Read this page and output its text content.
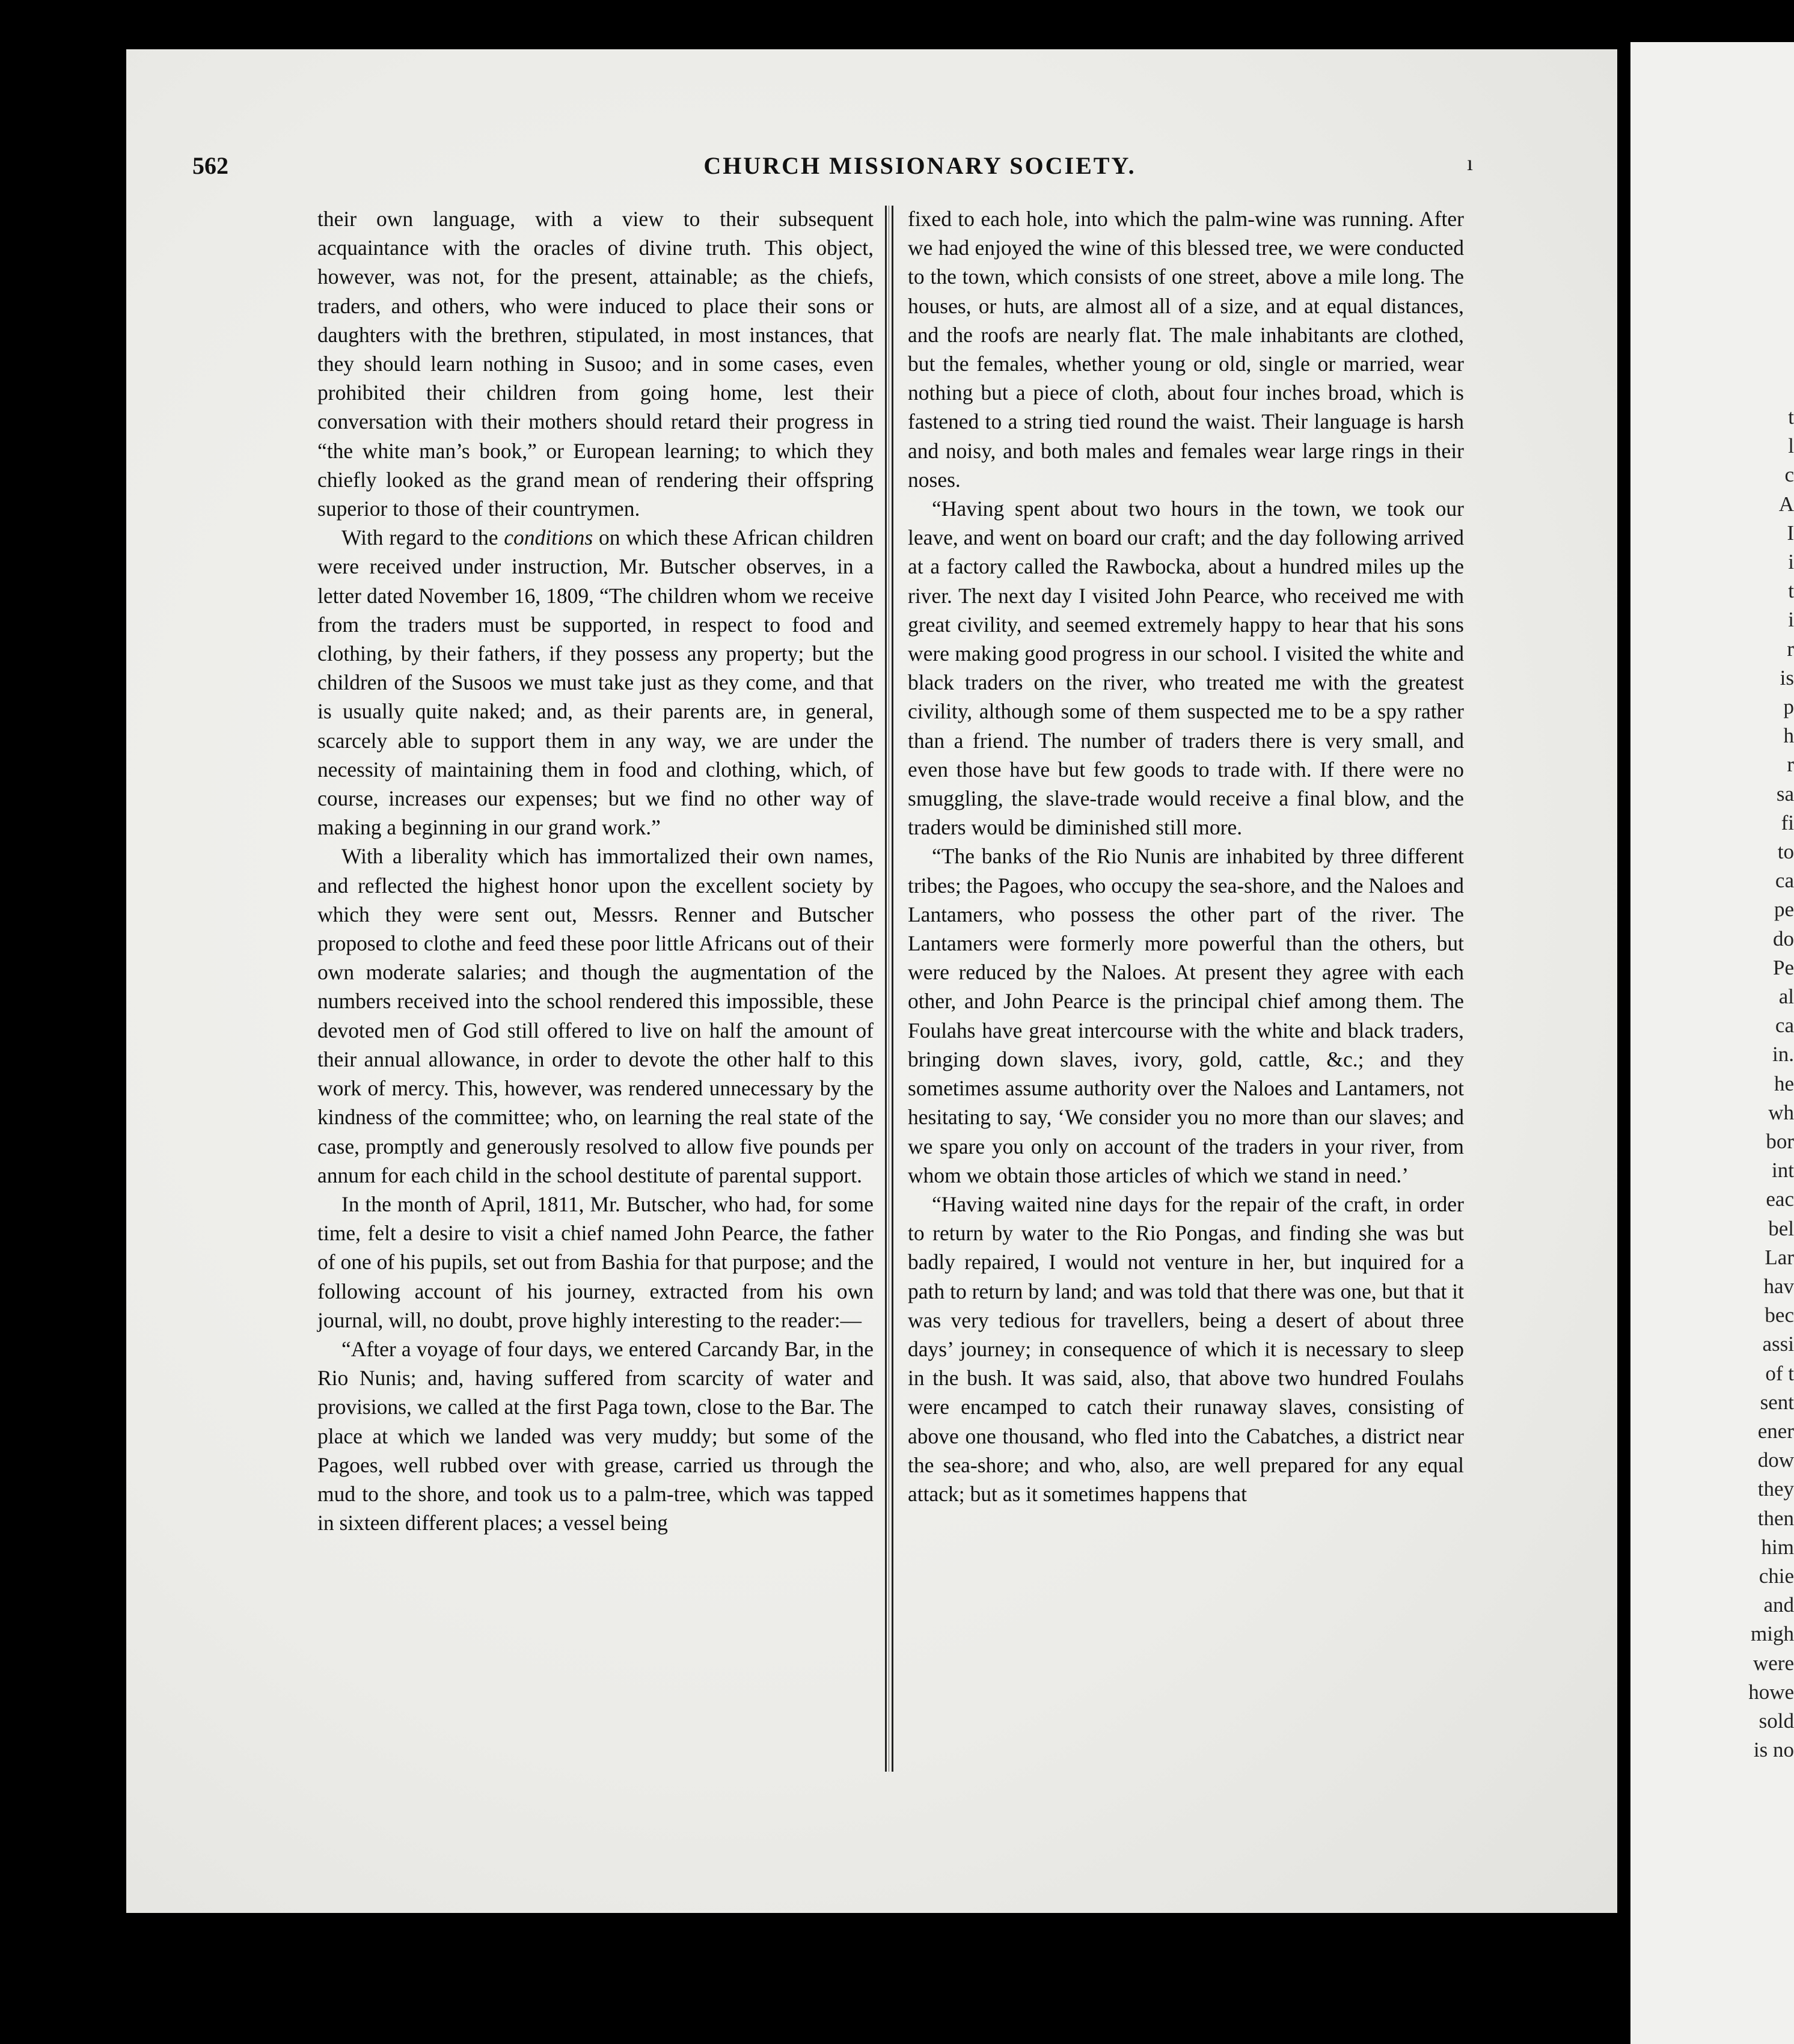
t
l
c
A
I
i
t
i
r
is
p
h
r
sa
fi
to
ca
pe
do
Pe
al
ca
in.
he
wh
bor
int
eac
bel
Lar
hav
bec
assi
of t
sent
ener
dow
they
then
him
chie
and
migh
were
howe
sold
is no
562	CHURCH MISSIONARY SOCIETY.	ı

their own language, with a view to their subsequent acquaintance with the oracles of divine truth. This object, however, was not, for the present, attainable; as the chiefs, traders, and others, who were induced to place their sons or daughters with the brethren, stipulated, in most instances, that they should learn nothing in Susoo; and in some cases, even prohibited their children from going home, lest their conversation with their mothers should retard their progress in “the white man’s book,” or European learning; to which they chiefly looked as the grand mean of rendering their offspring superior to those of their countrymen.

With regard to the conditions on which these African children were received under instruction, Mr. Butscher observes, in a letter dated November 16, 1809, “The children whom we receive from the traders must be supported, in respect to food and clothing, by their fathers, if they possess any property; but the children of the Susoos we must take just as they come, and that is usually quite naked; and, as their parents are, in general, scarcely able to support them in any way, we are under the necessity of maintaining them in food and clothing, which, of course, increases our expenses; but we find no other way of making a beginning in our grand work.”

With a liberality which has immortalized their own names, and reflected the highest honor upon the excellent society by which they were sent out, Messrs. Renner and Butscher proposed to clothe and feed these poor little Africans out of their own moderate salaries; and though the augmentation of the numbers received into the school rendered this impossible, these devoted men of God still offered to live on half the amount of their annual allowance, in order to devote the other half to this work of mercy. This, however, was rendered unnecessary by the kindness of the committee; who, on learning the real state of the case, promptly and generously resolved to allow five pounds per annum for each child in the school destitute of parental support.

In the month of April, 1811, Mr. Butscher, who had, for some time, felt a desire to visit a chief named John Pearce, the father of one of his pupils, set out from Bashia for that purpose; and the following account of his journey, extracted from his own journal, will, no doubt, prove highly interesting to the reader:—

“After a voyage of four days, we entered Carcandy Bar, in the Rio Nunis; and, having suffered from scarcity of water and provisions, we called at the first Paga town, close to the Bar. The place at which we landed was very muddy; but some of the Pagoes, well rubbed over with grease, carried us through the mud to the shore, and took us to a palm-tree, which was tapped in sixteen different places; a vessel being

fixed to each hole, into which the palm-wine was running. After we had enjoyed the wine of this blessed tree, we were conducted to the town, which consists of one street, above a mile long. The houses, or huts, are almost all of a size, and at equal distances, and the roofs are nearly flat. The male inhabitants are clothed, but the females, whether young or old, single or married, wear nothing but a piece of cloth, about four inches broad, which is fastened to a string tied round the waist. Their language is harsh and noisy, and both males and females wear large rings in their noses.

“Having spent about two hours in the town, we took our leave, and went on board our craft; and the day following arrived at a factory called the Rawbocka, about a hundred miles up the river. The next day I visited John Pearce, who received me with great civility, and seemed extremely happy to hear that his sons were making good progress in our school. I visited the white and black traders on the river, who treated me with the greatest civility, although some of them suspected me to be a spy rather than a friend. The number of traders there is very small, and even those have but few goods to trade with. If there were no smuggling, the slave-trade would receive a final blow, and the traders would be diminished still more.

“The banks of the Rio Nunis are inhabited by three different tribes; the Pagoes, who occupy the sea-shore, and the Naloes and Lantamers, who possess the other part of the river. The Lantamers were formerly more powerful than the others, but were reduced by the Naloes. At present they agree with each other, and John Pearce is the principal chief among them. The Foulahs have great intercourse with the white and black traders, bringing down slaves, ivory, gold, cattle, &c.; and they sometimes assume authority over the Naloes and Lantamers, not hesitating to say, ‘We consider you no more than our slaves; and we spare you only on account of the traders in your river, from whom we obtain those articles of which we stand in need.’

“Having waited nine days for the repair of the craft, in order to return by water to the Rio Pongas, and finding she was but badly repaired, I would not venture in her, but inquired for a path to return by land; and was told that there was one, but that it was very tedious for travellers, being a desert of about three days’ journey; in consequence of which it is necessary to sleep in the bush. It was said, also, that above two hundred Foulahs were encamped to catch their runaway slaves, consisting of above one thousand, who fled into the Cabatches, a district near the sea-shore; and who, also, are well prepared for any equal attack; but as it sometimes happens that
